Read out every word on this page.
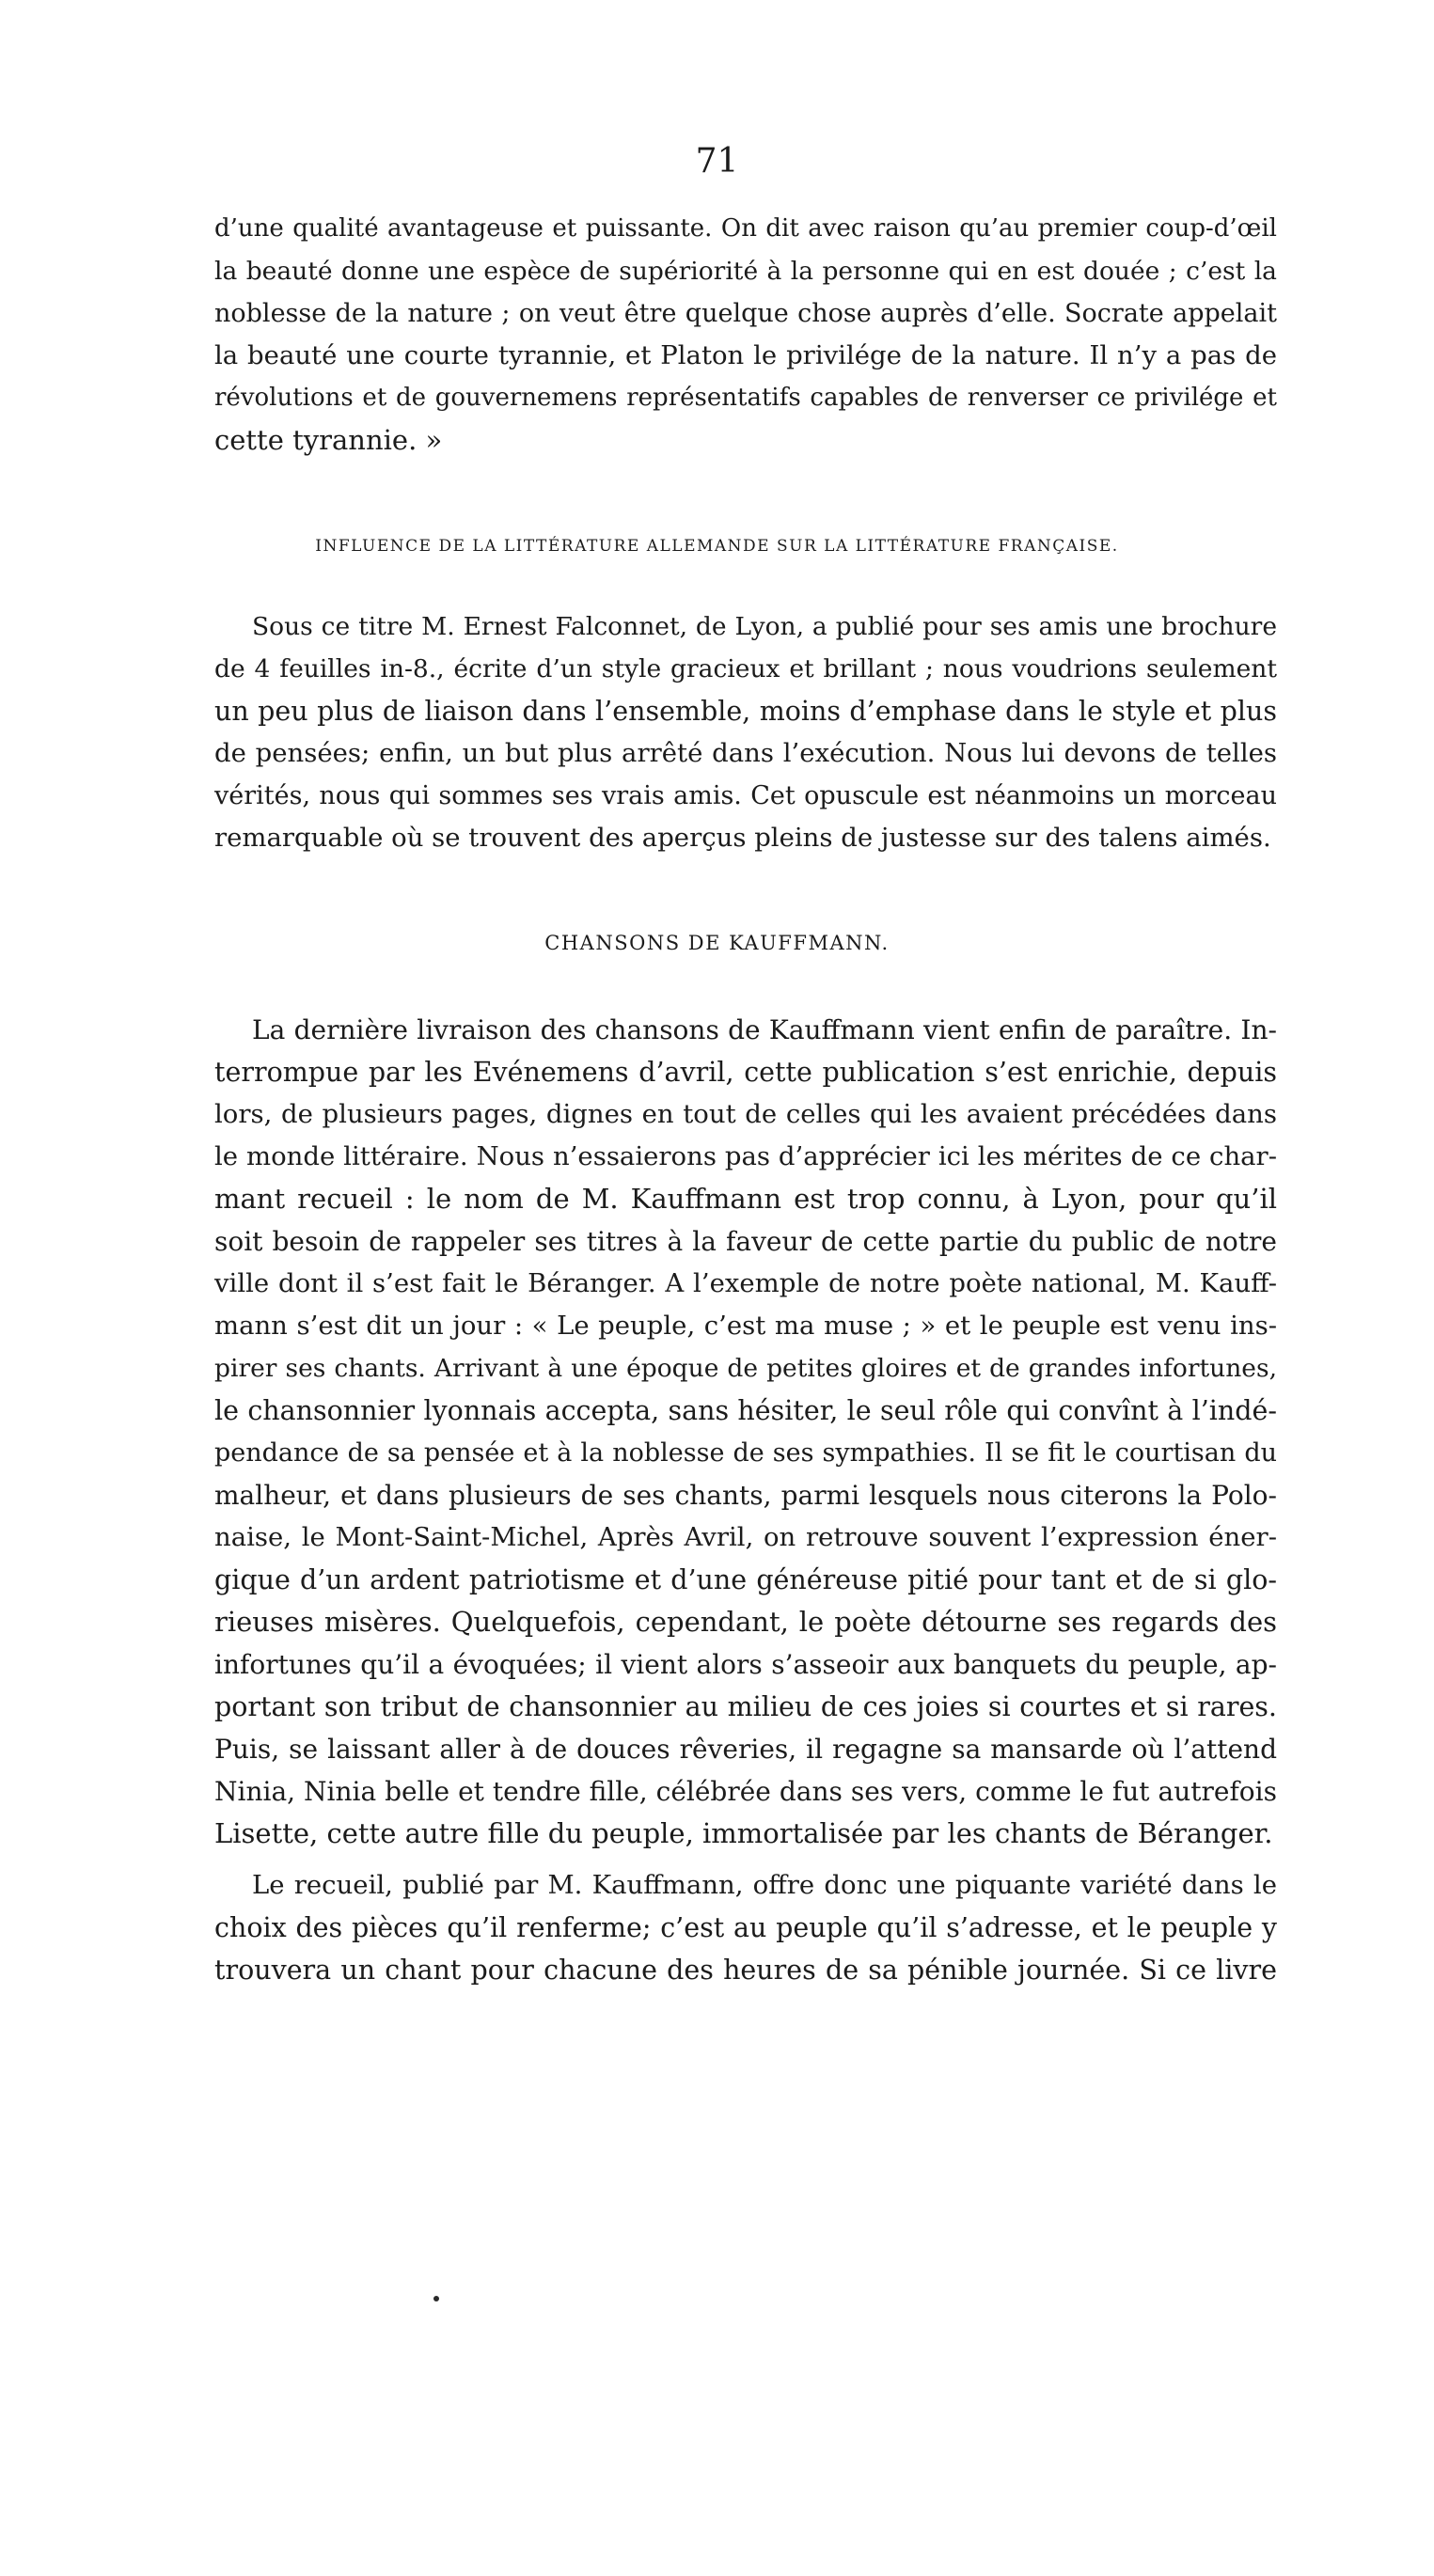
71
d’une qualité avantageuse et puissante. On dit avec raison qu’au premier coup-d’œil
la beauté donne une espèce de supériorité à la personne qui en est douée ; c’est la
noblesse de la nature ; on veut être quelque chose auprès d’elle. Socrate appelait
la beauté une courte tyrannie, et Platon le privilége de la nature. Il n’y a pas de
révolutions et de gouvernemens représentatifs capables de renverser ce privilége et
cette tyrannie. »
INFLUENCE DE LA LITTÉRATURE ALLEMANDE SUR LA LITTÉRATURE FRANÇAISE.
Sous ce titre M. Ernest Falconnet, de Lyon, a publié pour ses amis une brochure
de 4 feuilles in-8., écrite d’un style gracieux et brillant ; nous voudrions seulement
un peu plus de liaison dans l’ensemble, moins d’emphase dans le style et plus
de pensées; enfin, un but plus arrêté dans l’exécution. Nous lui devons de telles
vérités, nous qui sommes ses vrais amis. Cet opuscule est néanmoins un morceau
remarquable où se trouvent des aperçus pleins de justesse sur des talens aimés.
CHANSONS DE KAUFFMANN.
La dernière livraison des chansons de Kauffmann vient enfin de paraître. In-
terrompue par les Evénemens d’avril, cette publication s’est enrichie, depuis
lors, de plusieurs pages, dignes en tout de celles qui les avaient précédées dans
le monde littéraire. Nous n’essaierons pas d’apprécier ici les mérites de ce char-
mant recueil : le nom de M. Kauffmann est trop connu, à Lyon, pour qu’il
soit besoin de rappeler ses titres à la faveur de cette partie du public de notre
ville dont il s’est fait le Béranger. A l’exemple de notre poète national, M. Kauff-
mann s’est dit un jour : « Le peuple, c’est ma muse ; » et le peuple est venu ins-
pirer ses chants. Arrivant à une époque de petites gloires et de grandes infortunes,
le chansonnier lyonnais accepta, sans hésiter, le seul rôle qui convînt à l’indé-
pendance de sa pensée et à la noblesse de ses sympathies. Il se fit le courtisan du
malheur, et dans plusieurs de ses chants, parmi lesquels nous citerons la Polo-
naise, le Mont-Saint-Michel, Après Avril, on retrouve souvent l’expression éner-
gique d’un ardent patriotisme et d’une généreuse pitié pour tant et de si glo-
rieuses misères. Quelquefois, cependant, le poète détourne ses regards des
infortunes qu’il a évoquées; il vient alors s’asseoir aux banquets du peuple, ap-
portant son tribut de chansonnier au milieu de ces joies si courtes et si rares.
Puis, se laissant aller à de douces rêveries, il regagne sa mansarde où l’attend
Ninia, Ninia belle et tendre fille, célébrée dans ses vers, comme le fut autrefois
Lisette, cette autre fille du peuple, immortalisée par les chants de Béranger.
Le recueil, publié par M. Kauffmann, offre donc une piquante variété dans le
choix des pièces qu’il renferme; c’est au peuple qu’il s’adresse, et le peuple y
trouvera un chant pour chacune des heures de sa pénible journée. Si ce livre
